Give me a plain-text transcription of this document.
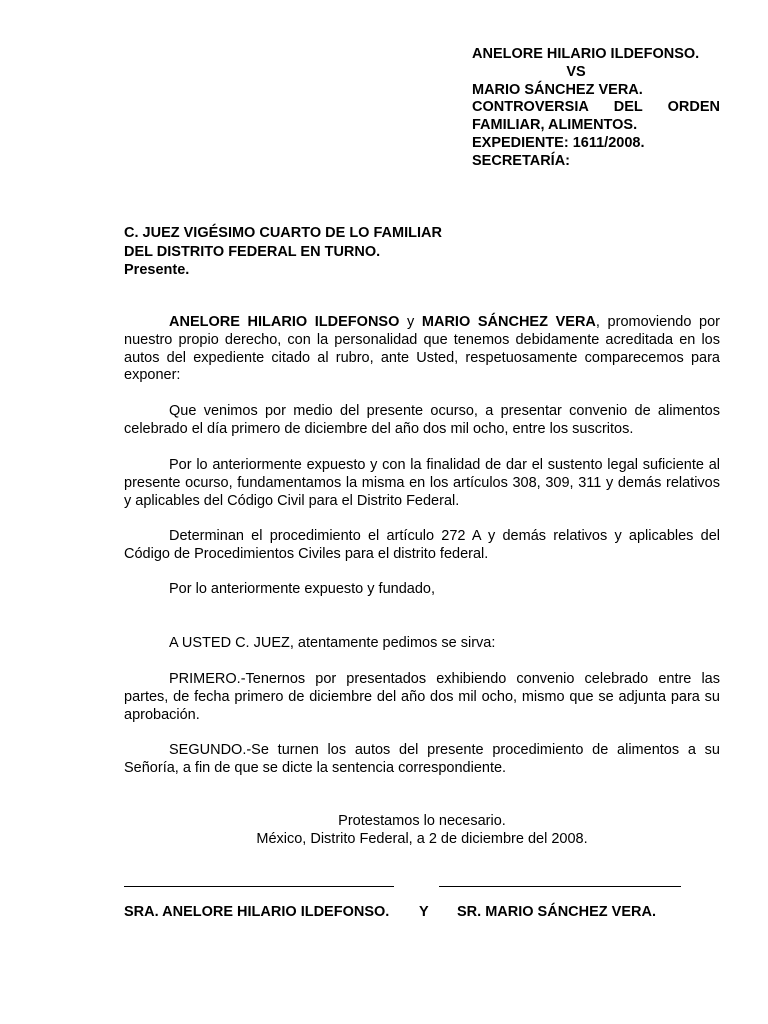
ANELORE HILARIO ILDEFONSO.
VS
MARIO SÁNCHEZ VERA.
CONTROVERSIA DEL ORDEN
FAMILIAR, ALIMENTOS.
EXPEDIENTE: 1611/2008.
SECRETARÍA:
C. JUEZ VIGÉSIMO CUARTO DE LO FAMILIAR
DEL DISTRITO FEDERAL EN TURNO.
Presente.
ANELORE HILARIO ILDEFONSO y MARIO SÁNCHEZ VERA, promoviendo por nuestro propio derecho, con la personalidad que tenemos debidamente acreditada en los autos del expediente citado al rubro, ante Usted, respetuosamente comparecemos para exponer:
Que venimos por medio del presente ocurso, a presentar convenio de alimentos celebrado el día primero de diciembre del año dos mil ocho, entre los suscritos.
Por lo anteriormente expuesto y con la finalidad de dar el sustento legal suficiente al presente ocurso, fundamentamos la misma en los artículos 308, 309, 311 y demás relativos y aplicables del Código Civil para el Distrito Federal.
Determinan el procedimiento el artículo 272 A y demás relativos y aplicables del Código de Procedimientos Civiles para el distrito federal.
Por lo anteriormente expuesto y fundado,
A USTED C. JUEZ, atentamente pedimos se sirva:
PRIMERO.-Tenernos por presentados exhibiendo convenio celebrado entre las partes, de fecha primero de diciembre del año dos mil ocho, mismo que se adjunta para su aprobación.
SEGUNDO.-Se turnen los autos del presente procedimiento de alimentos a su Señoría, a fin de que se dicte la sentencia correspondiente.
Protestamos lo necesario.
México, Distrito Federal, a 2 de diciembre del 2008.
SRA. ANELORE HILARIO ILDEFONSO. Y SR. MARIO SÁNCHEZ VERA.
